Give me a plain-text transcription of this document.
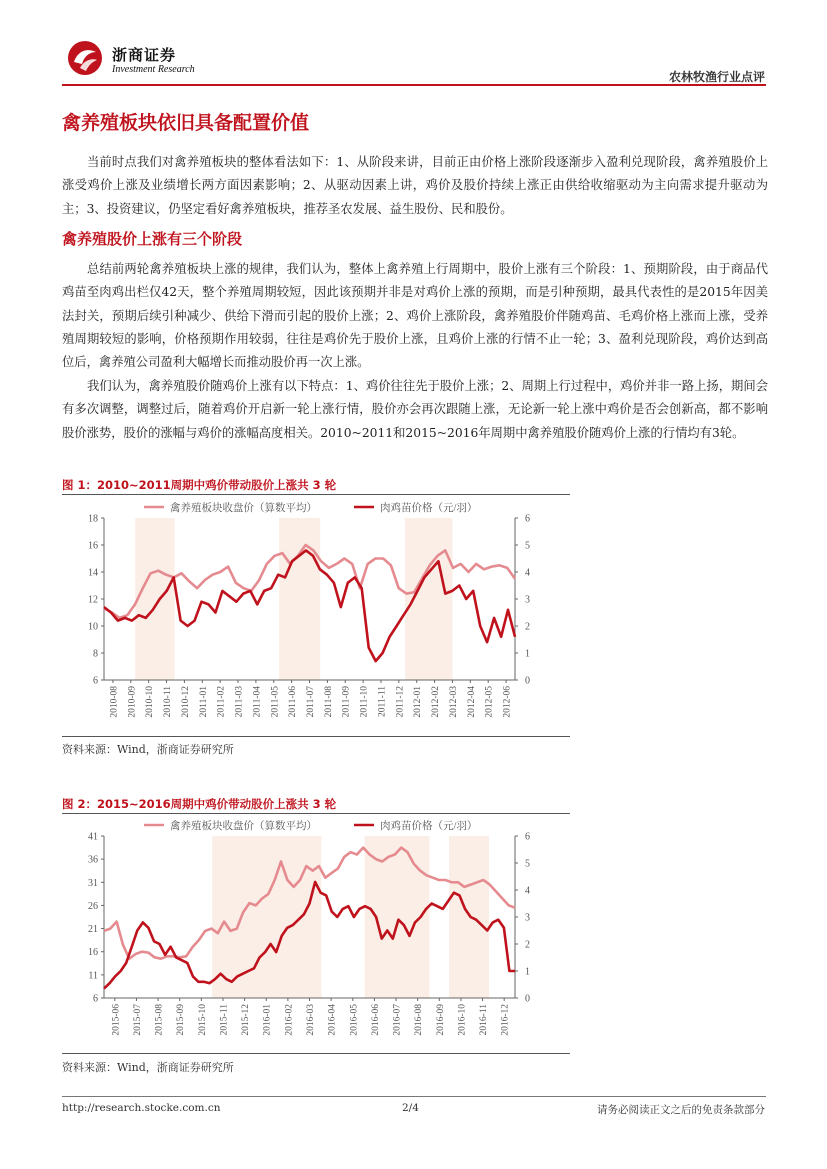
浙商证券
Investment Research
农林牧渔行业点评
禽养殖板块依旧具备配置价值

当前时点我们对禽养殖板块的整体看法如下：1、从阶段来讲，目前正由价格上涨阶段逐渐步入盈利兑现阶段，禽养殖股价上涨受鸡价上涨及业绩增长两方面因素影响；2、从驱动因素上讲，鸡价及股价持续上涨正由供给收缩驱动为主向需求提升驱动为主；3、投资建议，仍坚定看好禽养殖板块，推荐圣农发展、益生股份、民和股份。

禽养殖股价上涨有三个阶段

总结前两轮禽养殖板块上涨的规律，我们认为，整体上禽养殖上行周期中，股价上涨有三个阶段：1、预期阶段，由于商品代鸡苗至肉鸡出栏仅42天，整个养殖周期较短，因此该预期并非是对鸡价上涨的预期，而是引种预期，最具代表性的是2015年因美法封关，预期后续引种减少、供给下滑而引起的股价上涨；2、鸡价上涨阶段，禽养殖股价伴随鸡苗、毛鸡价格上涨而上涨，受养殖周期较短的影响，价格预期作用较弱，往往是鸡价先于股价上涨，且鸡价上涨的行情不止一轮；3、盈利兑现阶段，鸡价达到高位后，禽养殖公司盈利大幅增长而推动股价再一次上涨。

我们认为，禽养殖股价随鸡价上涨有以下特点：1、鸡价往往先于股价上涨；2、周期上行过程中，鸡价并非一路上扬，期间会有多次调整，调整过后，随着鸡价开启新一轮上涨行情，股价亦会再次跟随上涨，无论新一轮上涨中鸡价是否会创新高，都不影响股价涨势，股价的涨幅与鸡价的涨幅高度相关。2010~2011和2015~2016年周期中禽养殖股价随鸡价上涨的行情均有3轮。

图 1：2010~2011周期中鸡价带动股价上涨共 3 轮
18
16
14
12
10
8
6
6
5
4
3
2
1
0
2010-08 2010-09 2010-10 2010-11 2010-12 2011-01 2011-02 2011-03 2011-04 2011-05 2011-06 2011-07 2011-08 2011-09 2011-10 2011-11 2011-12 2012-01 2012-02 2012-03 2012-04 2012-05 2012-06
禽养殖板块收盘价（算数平均）	肉鸡苗价格（元/羽）
资料来源：Wind，浙商证券研究所
图 2：2015~2016周期中鸡价带动股价上涨共 3 轮
41
36
31
26
21
16
11
6
6
5
4
3
2
1
0
2015-06 2015-07 2015-08 2015-09 2015-10 2015-11 2015-12 2016-01 2016-02 2016-03 2016-04 2016-05 2016-06 2016-07 2016-08 2016-09 2016-10 2016-11 2016-12
禽养殖板块收盘价（算数平均）	肉鸡苗价格（元/羽）
资料来源：Wind，浙商证券研究所
http://research.stocke.com.cn	2/4	请务必阅读正文之后的免责条款部分
